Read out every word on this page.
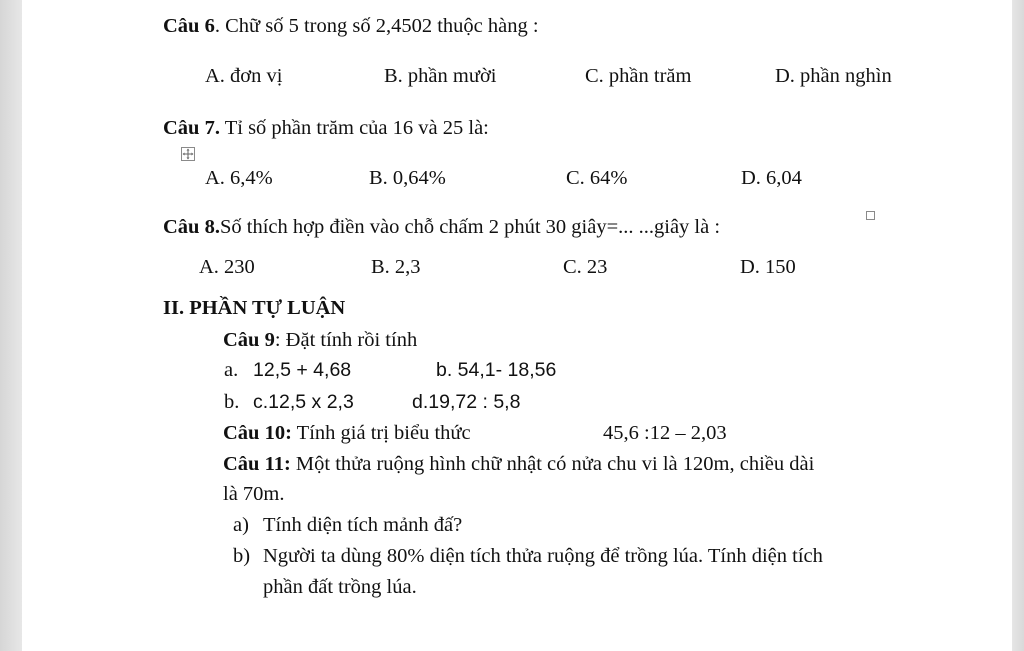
Câu 6. Chữ số 5 trong số 2,4502 thuộc hàng :
A. đơn vị	B. phần mười	C. phần trăm	D. phần nghìn
Câu 7. Tỉ số phần trăm của 16 và 25 là:
A. 6,4%	B. 0,64%	C. 64%	D. 6,04
Câu 8.Số thích hợp điền vào chỗ chấm 2 phút 30 giây=... ...giây là :
A. 230	B. 2,3	C. 23	D. 150
II. PHẦN TỰ LUẬN
Câu 9: Đặt tính rồi tính
a. 12,5 + 4,68	b. 54,1- 18,56
b. c.12,5 x 2,3	d.19,72 : 5,8
Câu 10: Tính giá trị biểu thức	45,6 :12 – 2,03
Câu 11: Một thửa ruộng hình chữ nhật có nửa chu vi là 120m, chiều dài
là 70m.
a) Tính diện tích mảnh đấ?
b) Người ta dùng 80% diện tích thửa ruộng để trồng lúa. Tính diện tích
phần đất trồng lúa.
